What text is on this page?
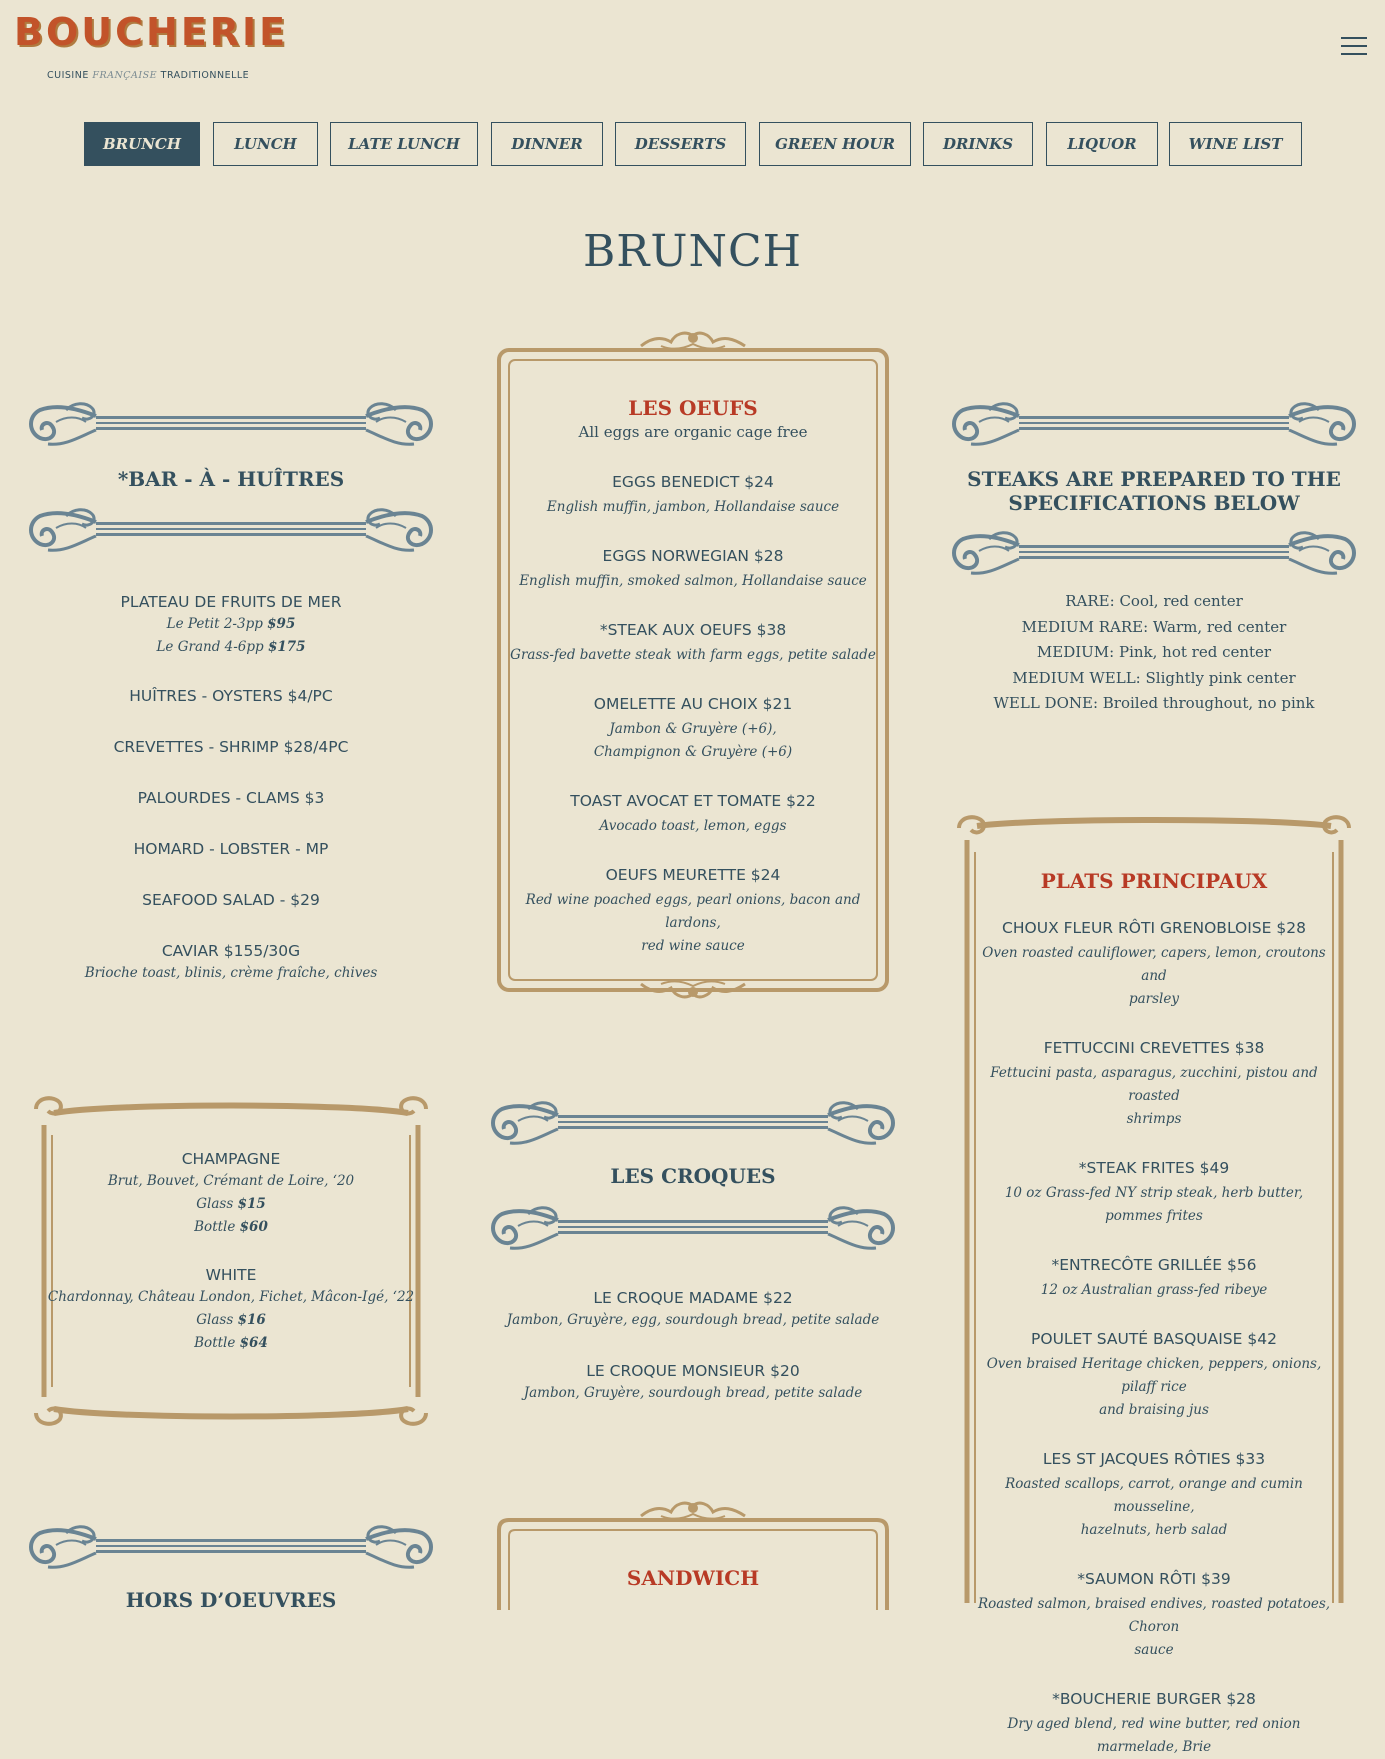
BOUCHERIE
CUISINE FRANÇAISE TRADITIONNELLE
BRUNCH	LUNCH	LATE LUNCH	DINNER	DESSERTS	GREEN HOUR	DRINKS	LIQUOR	WINE LIST
BRUNCH
*BAR - À - HUÎTRES

PLATEAU DE FRUITS DE MER

Le Petit 2-3pp $95

Le Grand 4-6pp $175

HUÎTRES - OYSTERS $4/PC

CREVETTES - SHRIMP $28/4PC

PALOURDES - CLAMS $3

HOMARD - LOBSTER - MP

SEAFOOD SALAD - $29

CAVIAR $155/30G

Brioche toast, blinis, crème fraîche, chives

CHAMPAGNE

Brut, Bouvet, Crémant de Loire, ‘20

Glass $15

Bottle $60

WHITE

Chardonnay, Château London, Fichet, Mâcon-Igé, ‘22

Glass $16

Bottle $64

HORS D’OEUVRES
LES OEUFS
All eggs are organic cage free

EGGS BENEDICT $24

English muffin, jambon, Hollandaise sauce

EGGS NORWEGIAN $28

English muffin, smoked salmon, Hollandaise sauce

*STEAK AUX OEUFS $38

Grass-fed bavette steak with farm eggs, petite salade

OMELETTE AU CHOIX $21

Jambon & Gruyère (+6),

Champignon & Gruyère (+6)

TOAST AVOCAT ET TOMATE $22

Avocado toast, lemon, eggs

OEUFS MEURETTE $24

Red wine poached eggs, pearl onions, bacon and lardons,

red wine sauce

LES CROQUES

LE CROQUE MADAME $22

Jambon, Gruyère, egg, sourdough bread, petite salade

LE CROQUE MONSIEUR $20

Jambon, Gruyère, sourdough bread, petite salade

SANDWICH
STEAKS ARE PREPARED TO THE
SPECIFICATIONS BELOW
RARE: Cool, red center
MEDIUM RARE: Warm, red center
MEDIUM: Pink, hot red center
MEDIUM WELL: Slightly pink center
WELL DONE: Broiled throughout, no pink
PLATS PRINCIPAUX

CHOUX FLEUR RÔTI GRENOBLOISE $28

Oven roasted cauliflower, capers, lemon, croutons and

parsley

FETTUCCINI CREVETTES $38

Fettucini pasta, asparagus, zucchini, pistou and roasted

shrimps

*STEAK FRITES $49

10 oz Grass-fed NY strip steak, herb butter, pommes frites

*ENTRECÔTE GRILLÉE $56

12 oz Australian grass-fed ribeye

POULET SAUTÉ BASQUAISE $42

Oven braised Heritage chicken, peppers, onions, pilaff rice

and braising jus

LES ST JACQUES RÔTIES $33

Roasted scallops, carrot, orange and cumin mousseline,

hazelnuts, herb salad

*SAUMON RÔTI $39

Roasted salmon, braised endives, roasted potatoes, Choron

sauce

*BOUCHERIE BURGER $28

Dry aged blend, red wine butter, red onion marmelade, Brie
